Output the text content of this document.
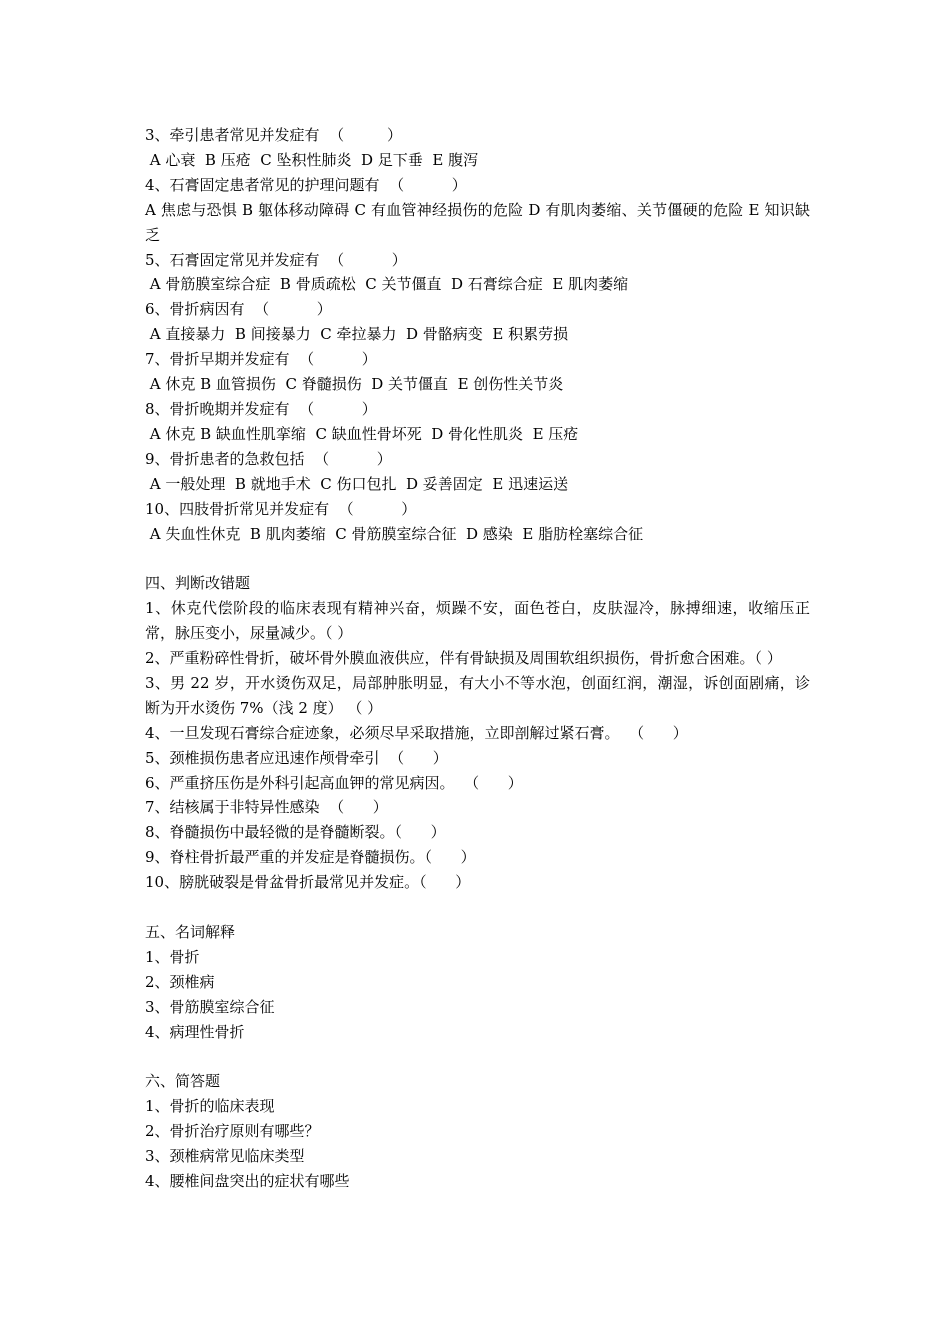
3、牵引患者常见并发症有  （         ）
A 心衰  B 压疮  C 坠积性肺炎  D 足下垂  E 腹泻
4、石膏固定患者常见的护理问题有  （          ）
A 焦虑与恐惧 B 躯体移动障碍 C 有血管神经损伤的危险 D 有肌肉萎缩、关节僵硬的危险 E 知识缺乏
5、石膏固定常见并发症有  （          ）
A 骨筋膜室综合症  B 骨质疏松  C 关节僵直  D 石膏综合症  E 肌肉萎缩
6、骨折病因有  （          ）
A 直接暴力  B 间接暴力  C 牵拉暴力  D 骨骼病变  E 积累劳损
7、骨折早期并发症有  （          ）
A 休克 B 血管损伤  C 脊髓损伤  D 关节僵直  E 创伤性关节炎
8、骨折晚期并发症有  （          ）
A 休克 B 缺血性肌挛缩  C 缺血性骨坏死  D 骨化性肌炎  E 压疮
9、骨折患者的急救包括  （          ）
A 一般处理  B 就地手术  C 伤口包扎  D 妥善固定  E 迅速运送
10、四肢骨折常见并发症有  （          ）
A 失血性休克  B 肌肉萎缩  C 骨筋膜室综合征  D 感染  E 脂肪栓塞综合征
四、判断改错题
1、休克代偿阶段的临床表现有精神兴奋，烦躁不安，面色苍白，皮肤湿冷，脉搏细速，收缩压正常，脉压变小，尿量减少。（ ）
2、严重粉碎性骨折，破坏骨外膜血液供应，伴有骨缺损及周围软组织损伤，骨折愈合困难。（ ）
3、男 22 岁，开水烫伤双足，局部肿胀明显，有大小不等水泡，创面红润，潮湿，诉创面剧痛，诊断为开水烫伤 7%（浅 2 度） （ ）
4、一旦发现石膏综合症迹象，必须尽早采取措施，立即剖解过紧石膏。  （      ）
5、颈椎损伤患者应迅速作颅骨牵引  （      ）
6、严重挤压伤是外科引起高血钾的常见病因。  （      ）
7、结核属于非特异性感染  （      ）
8、脊髓损伤中最轻微的是脊髓断裂。（      ）
9、脊柱骨折最严重的并发症是脊髓损伤。（      ）
10、膀胱破裂是骨盆骨折最常见并发症。（      ）
五、名词解释
1、骨折
2、颈椎病
3、骨筋膜室综合征
4、病理性骨折
六、简答题
1、骨折的临床表现
2、骨折治疗原则有哪些？
3、颈椎病常见临床类型
4、腰椎间盘突出的症状有哪些
